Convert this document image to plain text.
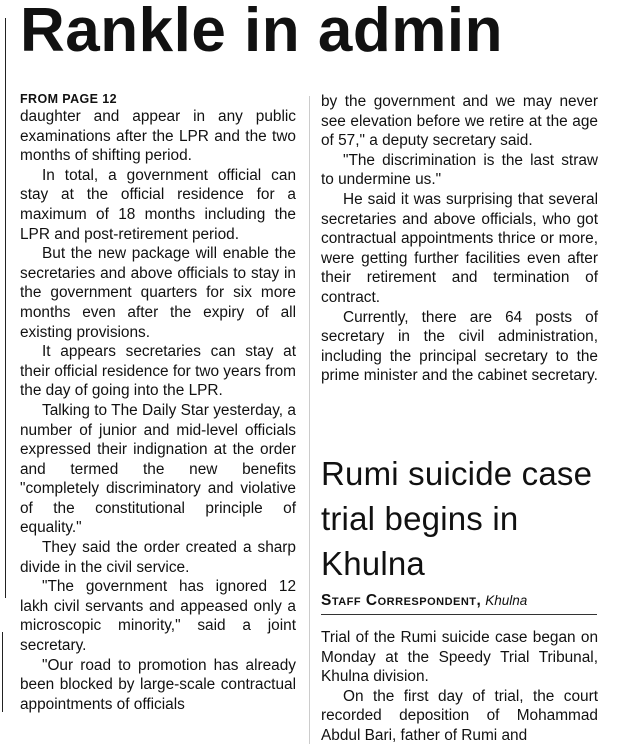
Rankle in admin
FROM PAGE 12

daughter and appear in any public examinations after the LPR and the two months of shifting period.

In total, a government official can stay at the official residence for a maximum of 18 months including the LPR and post-retirement period.

But the new package will enable the secretaries and above officials to stay in the government quarters for six more months even after the expiry of all existing provisions.

It appears secretaries can stay at their official residence for two years from the day of going into the LPR.

Talking to The Daily Star yesterday, a number of junior and mid-level officials expressed their indignation at the order and termed the new benefits "completely discriminatory and violative of the constitutional principle of equality."

They said the order created a sharp divide in the civil service.

"The government has ignored 12 lakh civil servants and appeased only a microscopic minority," said a joint secretary.

"Our road to promotion has already been blocked by large-scale contractual appointments of officials

by the government and we may never see elevation before we retire at the age of 57," a deputy secretary said.

"The discrimination is the last straw to undermine us."

He said it was surprising that several secretaries and above officials, who got contractual appointments thrice or more, were getting further facilities even after their retirement and termination of contract.

Currently, there are 64 posts of secretary in the civil administration, including the principal secretary to the prime minister and the cabinet secretary.

Rumi suicide case trial begins in Khulna
Staff Correspondent, Khulna

Trial of the Rumi suicide case began on Monday at the Speedy Trial Tribunal, Khulna division.

On the first day of trial, the court recorded deposition of Mohammad Abdul Bari, father of Rumi and
